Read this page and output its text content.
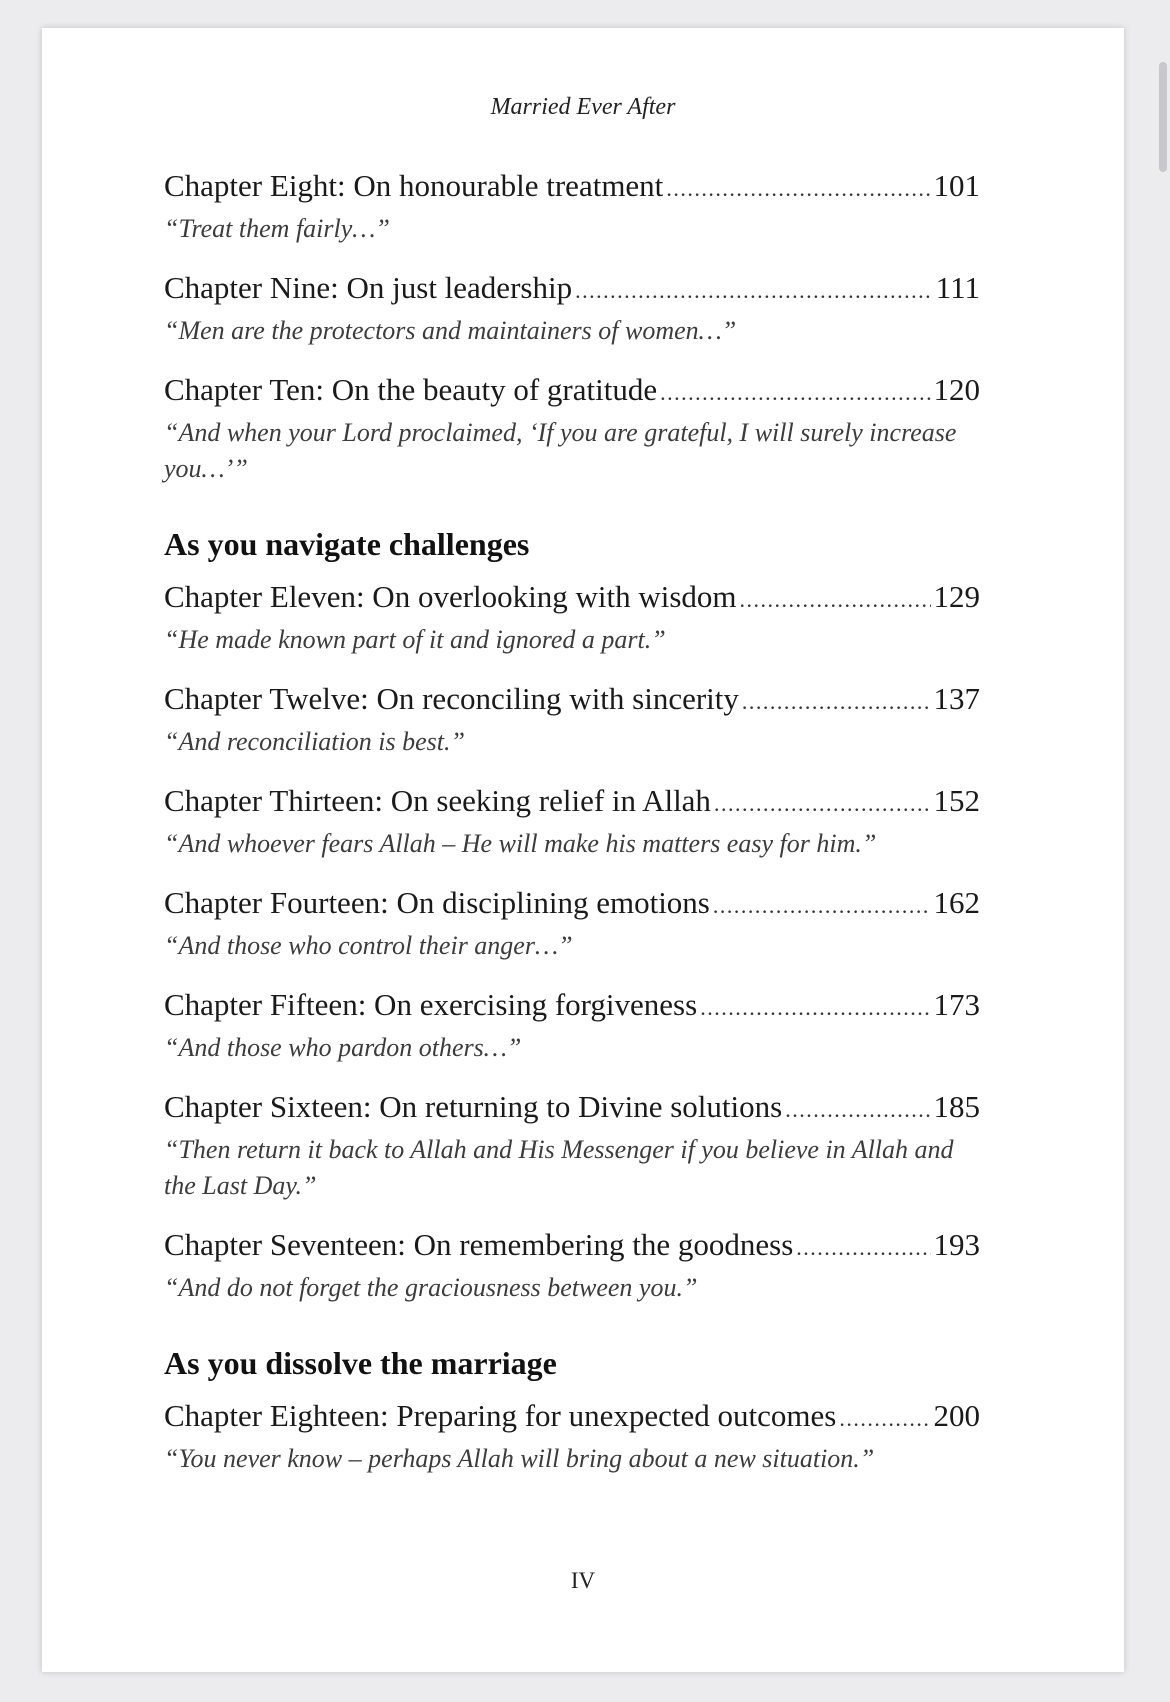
Married Ever After
Chapter Eight: On honourable treatment .....	101
“Treat them fairly…”
Chapter Nine: On just leadership .....	111
“Men are the protectors and maintainers of women…”
Chapter Ten: On the beauty of gratitude .....	120
“And when your Lord proclaimed, ‘If you are grateful, I will surely increase you…’”
As you navigate challenges
Chapter Eleven: On overlooking with wisdom .....	129
“He made known part of it and ignored a part.”
Chapter Twelve: On reconciling with sincerity .....	137
“And reconciliation is best.”
Chapter Thirteen: On seeking relief in Allah .....	152
“And whoever fears Allah – He will make his matters easy for him.”
Chapter Fourteen: On disciplining emotions .....	162
“And those who control their anger…”
Chapter Fifteen: On exercising forgiveness .....	173
“And those who pardon others…”
Chapter Sixteen: On returning to Divine solutions .....	185
“Then return it back to Allah and His Messenger if you believe in Allah and the Last Day.”
Chapter Seventeen: On remembering the goodness .....	193
“And do not forget the graciousness between you.”
As you dissolve the marriage
Chapter Eighteen: Preparing for unexpected outcomes .....	200
“You never know – perhaps Allah will bring about a new situation.”
IV
